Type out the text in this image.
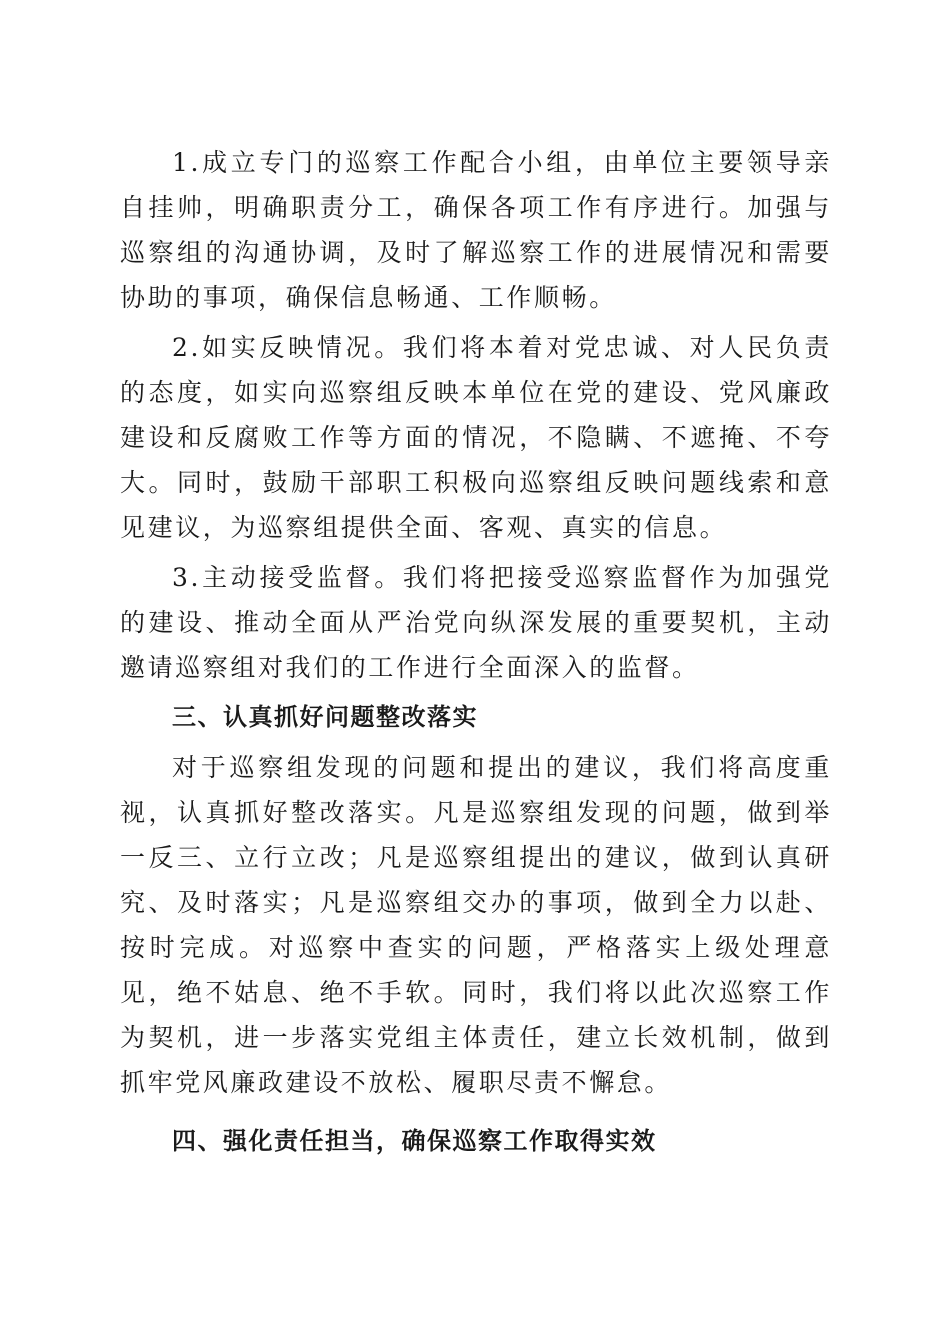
1.成立专门的巡察工作配合小组，由单位主要领导亲自挂帅，明确职责分工，确保各项工作有序进行。加强与巡察组的沟通协调，及时了解巡察工作的进展情况和需要协助的事项，确保信息畅通、工作顺畅。

2.如实反映情况。我们将本着对党忠诚、对人民负责的态度，如实向巡察组反映本单位在党的建设、党风廉政建设和反腐败工作等方面的情况，不隐瞒、不遮掩、不夸大。同时，鼓励干部职工积极向巡察组反映问题线索和意见建议，为巡察组提供全面、客观、真实的信息。

3.主动接受监督。我们将把接受巡察监督作为加强党的建设、推动全面从严治党向纵深发展的重要契机，主动邀请巡察组对我们的工作进行全面深入的监督。

三、认真抓好问题整改落实

对于巡察组发现的问题和提出的建议，我们将高度重视，认真抓好整改落实。凡是巡察组发现的问题，做到举一反三、立行立改；凡是巡察组提出的建议，做到认真研究、及时落实；凡是巡察组交办的事项，做到全力以赴、按时完成。对巡察中查实的问题，严格落实上级处理意见，绝不姑息、绝不手软。同时，我们将以此次巡察工作为契机，进一步落实党组主体责任，建立长效机制，做到抓牢党风廉政建设不放松、履职尽责不懈怠。

四、强化责任担当，确保巡察工作取得实效
